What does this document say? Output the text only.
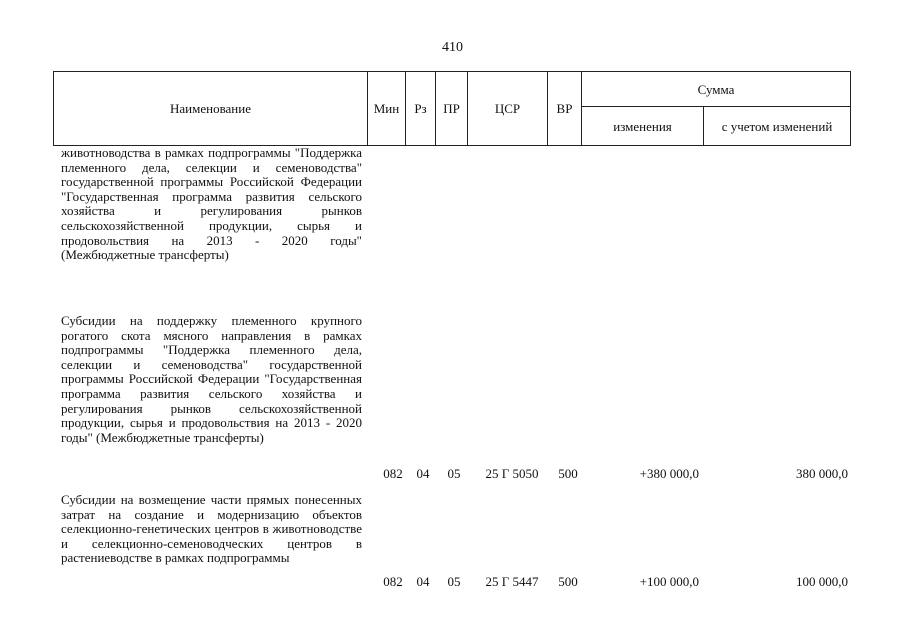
410
Наименование	Мин	Рз	ПР	ЦСР	ВР
Сумма
изменения	с учетом изменений
животноводства в рамках подпрограммы "Поддержка племенного дела, селекции и семеноводства" государственной программы Российской Федерации "Государственная программа развития сельского хозяйства и регулирования рынков сельскохозяйственной продукции, сырья и продовольствия на 2013 - 2020 годы" (Межбюджетные трансферты)
Субсидии на поддержку племенного крупного рогатого скота мясного направления в рамках подпрограммы "Поддержка племенного дела, селекции и семеноводства" государственной программы Российской Федерации "Государственная программа развития сельского хозяйства и регулирования рынков сельскохозяйственной продукции, сырья и продовольствия на 2013 - 2020 годы" (Межбюджетные трансферты)
082	04	05	25 Г 5050	500	+380 000,0	380 000,0
Субсидии на возмещение части прямых понесенных затрат на создание и модернизацию объектов селекционно-генетических центров в животноводстве и селекционно-семеноводческих центров в растениеводстве в рамках подпрограммы
082	04	05	25 Г 5447	500	+100 000,0	100 000,0
